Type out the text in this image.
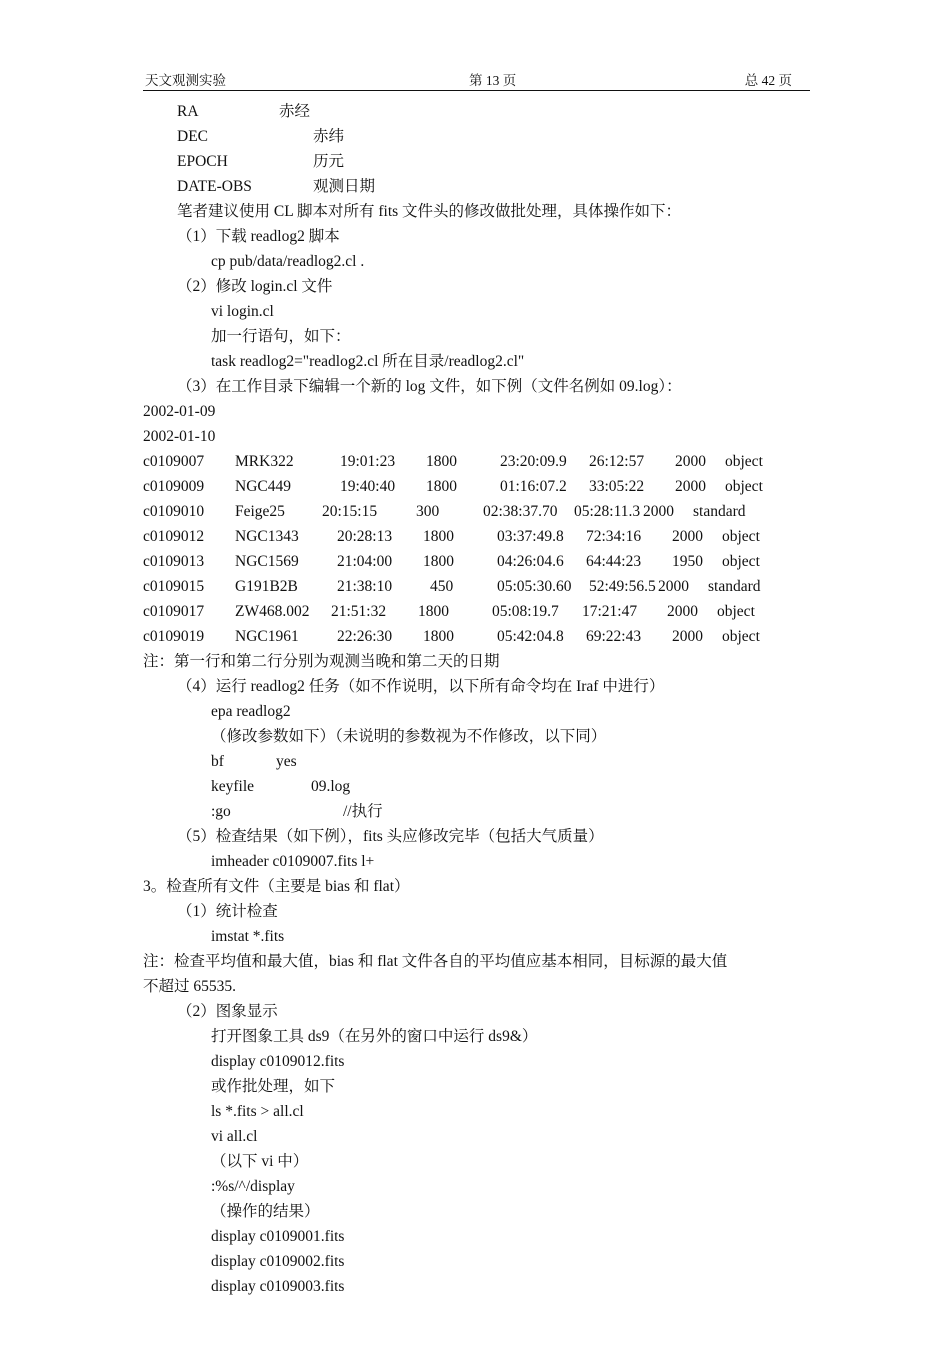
天文观测实验	第 13 页	总 42 页
RA	赤经
DEC	赤纬
EPOCH	历元
DATE-OBS	观测日期
笔者建议使用 CL 脚本对所有 fits 文件头的修改做批处理，具体操作如下：
（1）下载 readlog2 脚本
cp pub/data/readlog2.cl .
（2）修改 login.cl 文件
vi login.cl
加一行语句，如下：
task readlog2="readlog2.cl 所在目录/readlog2.cl"
（3）在工作目录下编辑一个新的 log 文件，如下例（文件名例如 09.log）：
2002-01-09
2002-01-10
c0109007 MRK322	19:01:23 1800	23:20:09.9 26:12:57 2000 object
c0109009 NGC449	19:40:40 1800	01:16:07.2 33:05:22 2000 object
c0109010 Feige25 20:15:15	300	02:38:37.70 05:28:11.3 2000 standard
c0109012 NGC1343 20:28:13 1800	03:37:49.8 72:34:16 2000 object
c0109013 NGC1569 21:04:00 1800	04:26:04.6 64:44:23 1950 object
c0109015 G191B2B	21:38:10 450	05:05:30.60 52:49:56.5 2000 standard
c0109017 ZW468.002 21:51:32 1800	05:08:19.7 17:21:47 2000 object
c0109019 NGC1961 22:26:30 1800	05:42:04.8 69:22:43 2000 object
注：第一行和第二行分别为观测当晚和第二天的日期
（4）运行 readlog2 任务（如不作说明，以下所有命令均在 Iraf 中进行）
epa readlog2
（修改参数如下）（未说明的参数视为不作修改，以下同）
bf	yes
keyfile	09.log
:go	//执行
（5）检查结果（如下例），fits 头应修改完毕（包括大气质量）
imheader c0109007.fits l+
3。检查所有文件（主要是 bias 和 flat）
（1）统计检查
imstat *.fits
注：检查平均值和最大值，bias 和 flat 文件各自的平均值应基本相同，目标源的最大值
不超过 65535.
（2）图象显示
打开图象工具 ds9（在另外的窗口中运行 ds9&）
display c0109012.fits
或作批处理，如下
ls *.fits > all.cl
vi all.cl
（以下 vi 中）
:%s/^/display
（操作的结果）
display c0109001.fits
display c0109002.fits
display c0109003.fits
